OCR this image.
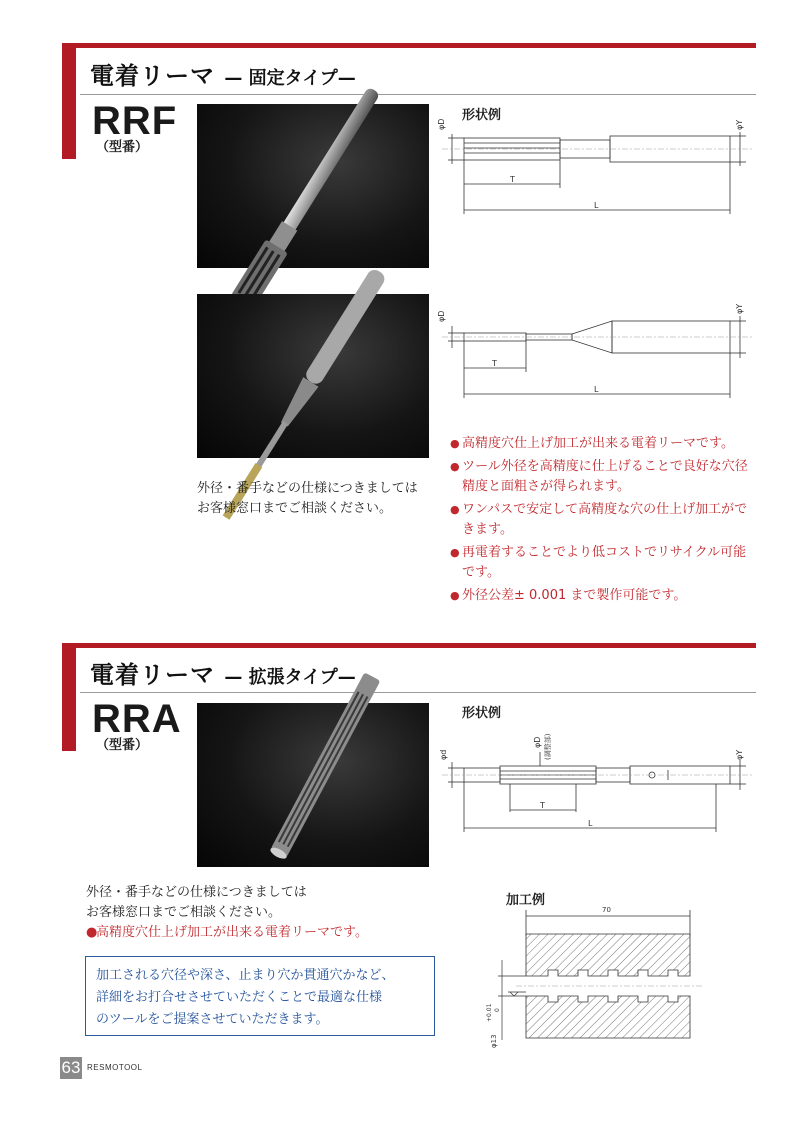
電着リーマ — 固定タイプ—
RRF
（型番）
形状例
φD	φY
T
L
φD
φY
T
L
外径・番手などの仕様につきましては
お客様窓口までご相談ください。
● 高精度穴仕上げ加工が出来る電着リーマです。
● ツール外径を高精度に仕上げることで良好な穴径精度と面粗さが得られます。
● ワンパスで安定して高精度な穴の仕上げ加工ができます。
● 再電着することでより低コストでリサイクル可能です。
● 外径公差± 0.001 まで製作可能です。
電着リーマ — 拡張タイプ—
RRA
（型番）
形状例
φd
φD (調整部)	φY
T
L
外径・番手などの仕様につきましては
お客様窓口までご相談ください。
●
高精度穴仕上げ加工が出来る電着リーマです。
加工される穴径や深さ、止まり穴か貫通穴かなど、
詳細をお打合せさせていただくことで最適な仕様
のツールをご提案させていただきます。
加工例
70
φ13
+0.01 0
63 RESMOTOOL
